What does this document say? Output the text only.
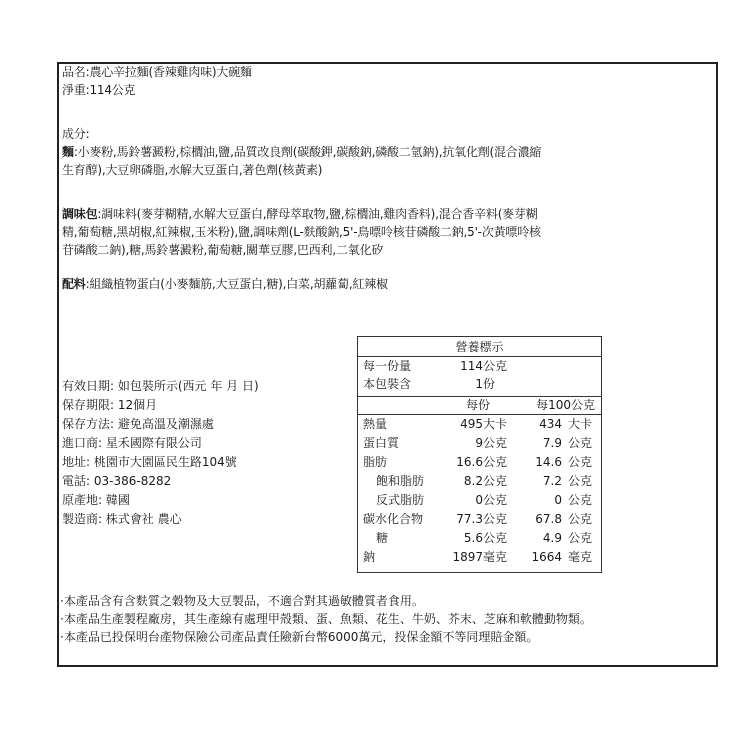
品名:農心辛拉麵(香辣雞肉味)大碗麵
淨重:114公克
成分:
麵:小麥粉,馬鈴薯澱粉,棕櫚油,鹽,品質改良劑(碳酸鉀,碳酸鈉,磷酸二氫鈉),抗氧化劑(混合濃縮
生育醇),大豆卵磷脂,水解大豆蛋白,著色劑(核黃素)
調味包:調味料(麥芽糊精,水解大豆蛋白,酵母萃取物,鹽,棕櫚油,雞肉香料),混合香辛料(麥芽糊
精,葡萄糖,黑胡椒,紅辣椒,玉米粉),鹽,調味劑(L-麩酸鈉,5'-鳥嘌呤核苷磷酸二鈉,5'-次黃嘌呤核
苷磷酸二鈉),糖,馬鈴薯澱粉,葡萄糖,關華豆膠,巴西利,二氧化矽
配料:組織植物蛋白(小麥麵筋,大豆蛋白,糖),白菜,胡蘿蔔,紅辣椒
有效日期: 如包裝所示(西元 年 月 日)
保存期限: 12個月
保存方法: 避免高溫及潮濕處
進口商: 星禾國際有限公司
地址: 桃園市大園區民生路104號
電話: 03-386-8282
原產地: 韓國
製造商: 株式會社 農心
營養標示
每一份量	114 公克
本包裝含	1 份
每份	每100公克
熱量	495 大卡	434 大卡
蛋白質	9 公克	7.9 公克
脂肪	16.6 公克 14.6 公克
飽和脂肪	8.2 公克	7.2 公克
反式脂肪	0 公克	0 公克
碳水化合物	77.3 公克 67.8 公克
糖	5.6 公克	4.9 公克
鈉	1897 毫克 1664 毫克
·本產品含有含麩質之穀物及大豆製品，不適合對其過敏體質者食用。
·本產品生產製程廠房，其生產線有處理甲殼類、蛋、魚類、花生、牛奶、芥末、芝麻和軟體動物類。
·本產品已投保明台產物保險公司產品責任險新台幣6000萬元，投保金額不等同理賠金額。
